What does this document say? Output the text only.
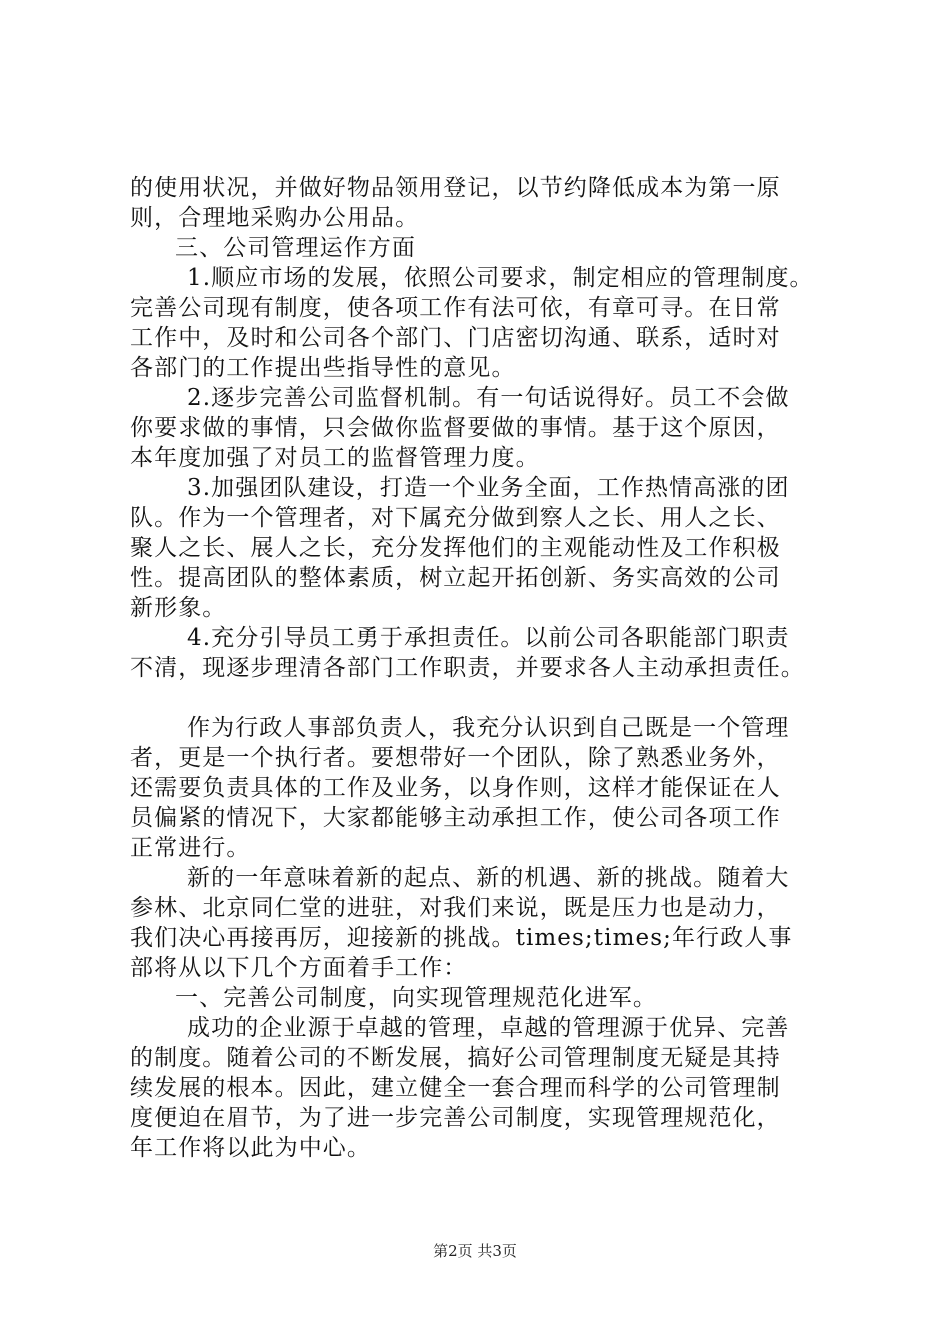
的使用状况，并做好物品领用登记，以节约降低成本为第一原
则，合理地采购办公用品。
三、公司管理运作方面
1.顺应市场的发展，依照公司要求，制定相应的管理制度。
完善公司现有制度，使各项工作有法可依，有章可寻。在日常
工作中，及时和公司各个部门、门店密切沟通、联系，适时对
各部门的工作提出些指导性的意见。
2.逐步完善公司监督机制。有一句话说得好。员工不会做
你要求做的事情，只会做你监督要做的事情。基于这个原因，
本年度加强了对员工的监督管理力度。
3.加强团队建设，打造一个业务全面，工作热情高涨的团
队。作为一个管理者，对下属充分做到察人之长、用人之长、
聚人之长、展人之长，充分发挥他们的主观能动性及工作积极
性。提高团队的整体素质，树立起开拓创新、务实高效的公司
新形象。
4.充分引导员工勇于承担责任。以前公司各职能部门职责
不清，现逐步理清各部门工作职责，并要求各人主动承担责任。
作为行政人事部负责人，我充分认识到自己既是一个管理
者，更是一个执行者。要想带好一个团队，除了熟悉业务外，
还需要负责具体的工作及业务，以身作则，这样才能保证在人
员偏紧的情况下，大家都能够主动承担工作，使公司各项工作
正常进行。
新的一年意味着新的起点、新的机遇、新的挑战。随着大
参林、北京同仁堂的进驻，对我们来说，既是压力也是动力，
我们决心再接再厉，迎接新的挑战。times;times;年行政人事
部将从以下几个方面着手工作：
一、完善公司制度，向实现管理规范化进军。
成功的企业源于卓越的管理，卓越的管理源于优异、完善
的制度。随着公司的不断发展，搞好公司管理制度无疑是其持
续发展的根本。因此，建立健全一套合理而科学的公司管理制
度便迫在眉节，为了进一步完善公司制度，实现管理规范化，
年工作将以此为中心。
第2页 共3页
